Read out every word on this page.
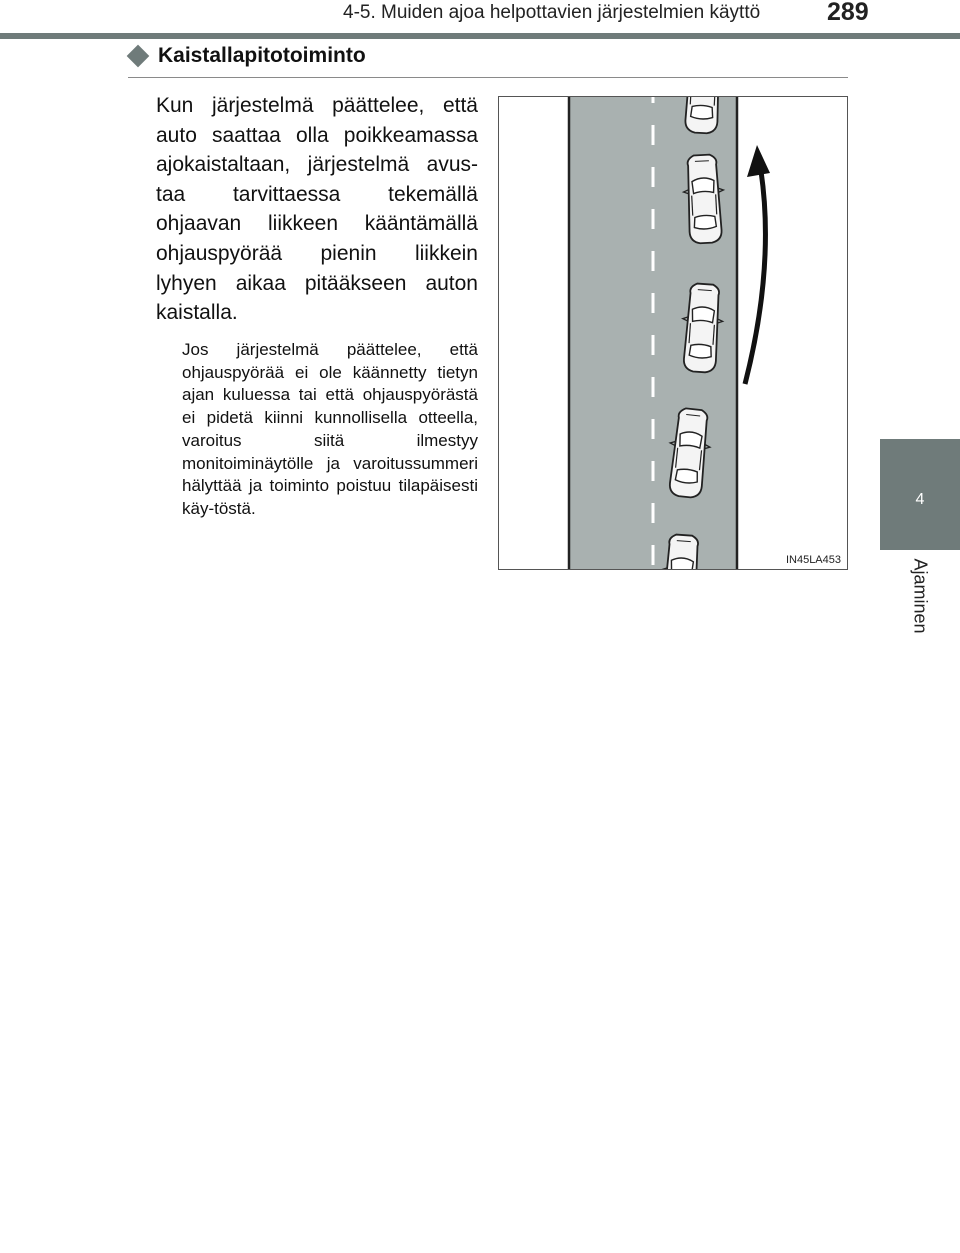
4-5. Muiden ajoa helpottavien järjestelmien käyttö	289
4
Ajaminen
Kaistallapitotoiminto
Kun järjestelmä päättelee, että auto saattaa olla poikkeamassa ajokaistaltaan, järjestelmä avus-taa tarvittaessa tekemällä ohjaavan liikkeen kääntämällä ohjauspyörää pienin liikkein lyhyen aikaa pitääkseen auton kaistalla.
Jos järjestelmä päättelee, että ohjauspyörää ei ole käännetty tietyn ajan kuluessa tai että ohjauspyörästä ei pidetä kiinni kunnollisella otteella, varoitus siitä ilmestyy monitoiminäytölle ja varoitussummeri hälyttää ja toiminto poistuu tilapäisesti käy-töstä.
IN45LA453
